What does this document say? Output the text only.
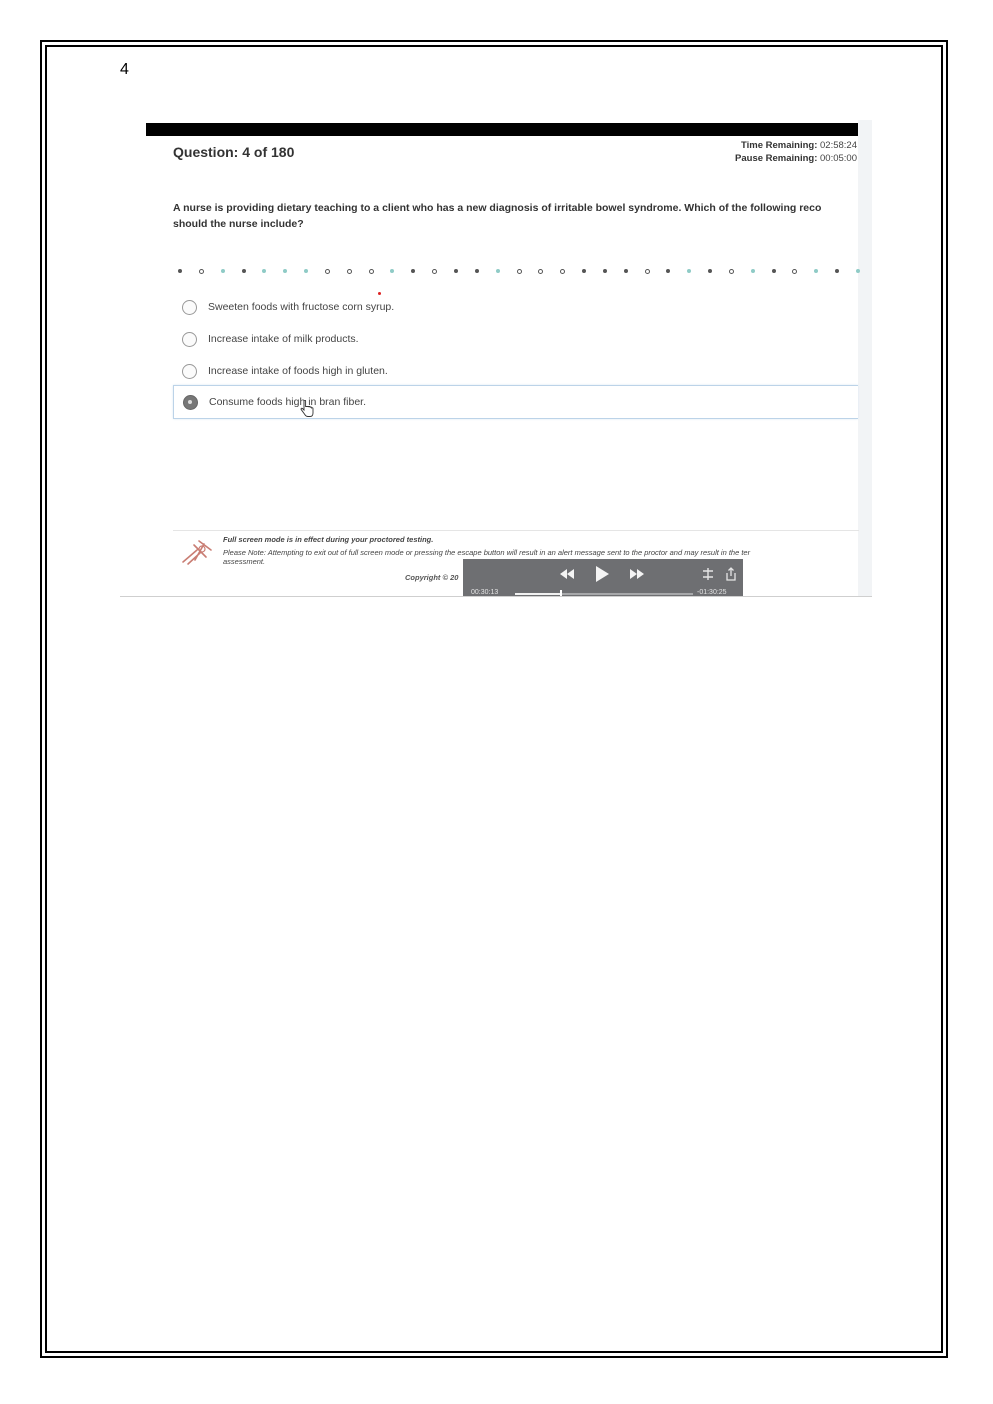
4
Question: 4 of 180	Time Remaining: 02:58:24
Pause Remaining: 00:05:00
A nurse is providing dietary teaching to a client who has a new diagnosis of irritable bowel syndrome. Which of the following reco
should the nurse include?
Sweeten foods with fructose corn syrup.
Increase intake of milk products.
Increase intake of foods high in gluten.
Consume foods high in bran fiber.
Full screen mode is in effect during your proctored testing.
Please Note: Attempting to exit out of full screen mode or pressing the escape button will result in an alert message sent to the proctor and may result in the ter
assessment.
Copyright © 20
00:30:13	-01:30:25
